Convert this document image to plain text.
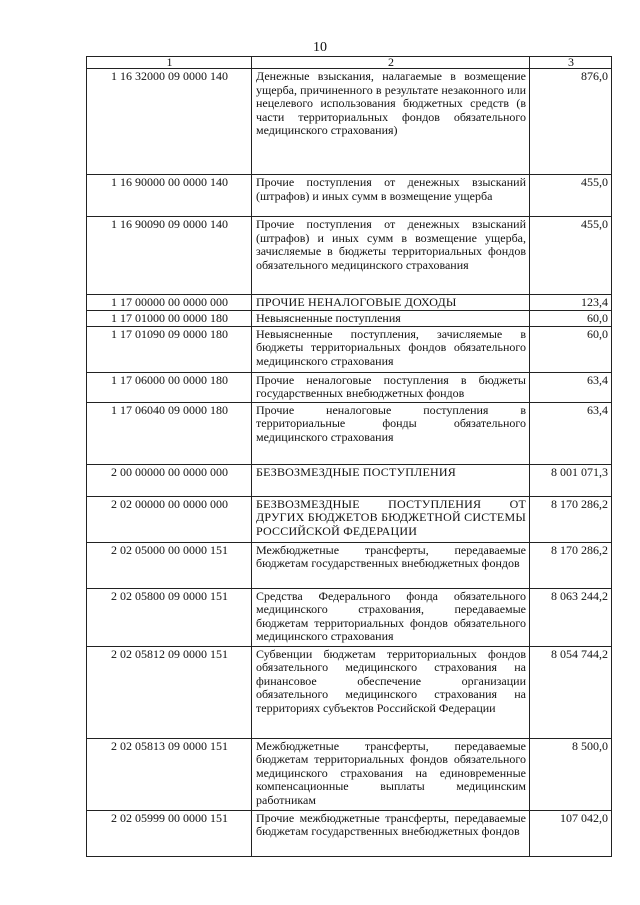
10
1	2	3
1 16 32000 09 0000 140	Денежные взыскания, налагаемые в возмещение ущерба, причиненного в результате незаконного или нецелевого использования бюджетных средств (в части территориальных фондов обязательного медицинского страхования)	876,0
1 16 90000 00 0000 140	Прочие поступления от денежных взысканий (штрафов) и иных сумм в возмещение ущерба	455,0
1 16 90090 09 0000 140	Прочие поступления от денежных взысканий (штрафов) и иных сумм в возмещение ущерба, зачисляемые в бюджеты территориальных фондов обязательного медицинского страхования	455,0
1 17 00000 00 0000 000	ПРОЧИЕ НЕНАЛОГОВЫЕ ДОХОДЫ	123,4
1 17 01000 00 0000 180	Невыясненные поступления	60,0
1 17 01090 09 0000 180	Невыясненные поступления, зачисляемые в бюджеты территориальных фондов обязательного медицинского страхования	60,0
1 17 06000 00 0000 180	Прочие неналоговые поступления в бюджеты государственных внебюджетных фондов	63,4
1 17 06040 09 0000 180	Прочие неналоговые поступления в территориальные фонды обязательного медицинского страхования	63,4
2 00 00000 00 0000 000	БЕЗВОЗМЕЗДНЫЕ ПОСТУПЛЕНИЯ	8 001 071,3
2 02 00000 00 0000 000	БЕЗВОЗМЕЗДНЫЕ ПОСТУПЛЕНИЯ ОТ ДРУГИХ БЮДЖЕТОВ БЮДЖЕТНОЙ СИСТЕМЫ РОССИЙСКОЙ ФЕДЕРАЦИИ	8 170 286,2
2 02 05000 00 0000 151	Межбюджетные трансферты, передаваемые бюджетам государственных внебюджетных фондов	8 170 286,2
2 02 05800 09 0000 151	Средства Федерального фонда обязательного медицинского страхования, передаваемые бюджетам территориальных фондов обязательного медицинского страхования	8 063 244,2
2 02 05812 09 0000 151	Субвенции бюджетам территориальных фондов обязательного медицинского страхования на финансовое обеспечение организации обязательного медицинского страхования на территориях субъектов Российской Федерации	8 054 744,2
2 02 05813 09 0000 151	Межбюджетные трансферты, передаваемые бюджетам территориальных фондов обязательного медицинского страхования на единовременные компенсационные выплаты медицинским работникам	8 500,0
2 02 05999 00 0000 151	Прочие межбюджетные трансферты, передаваемые бюджетам государственных внебюджетных фондов	107 042,0
